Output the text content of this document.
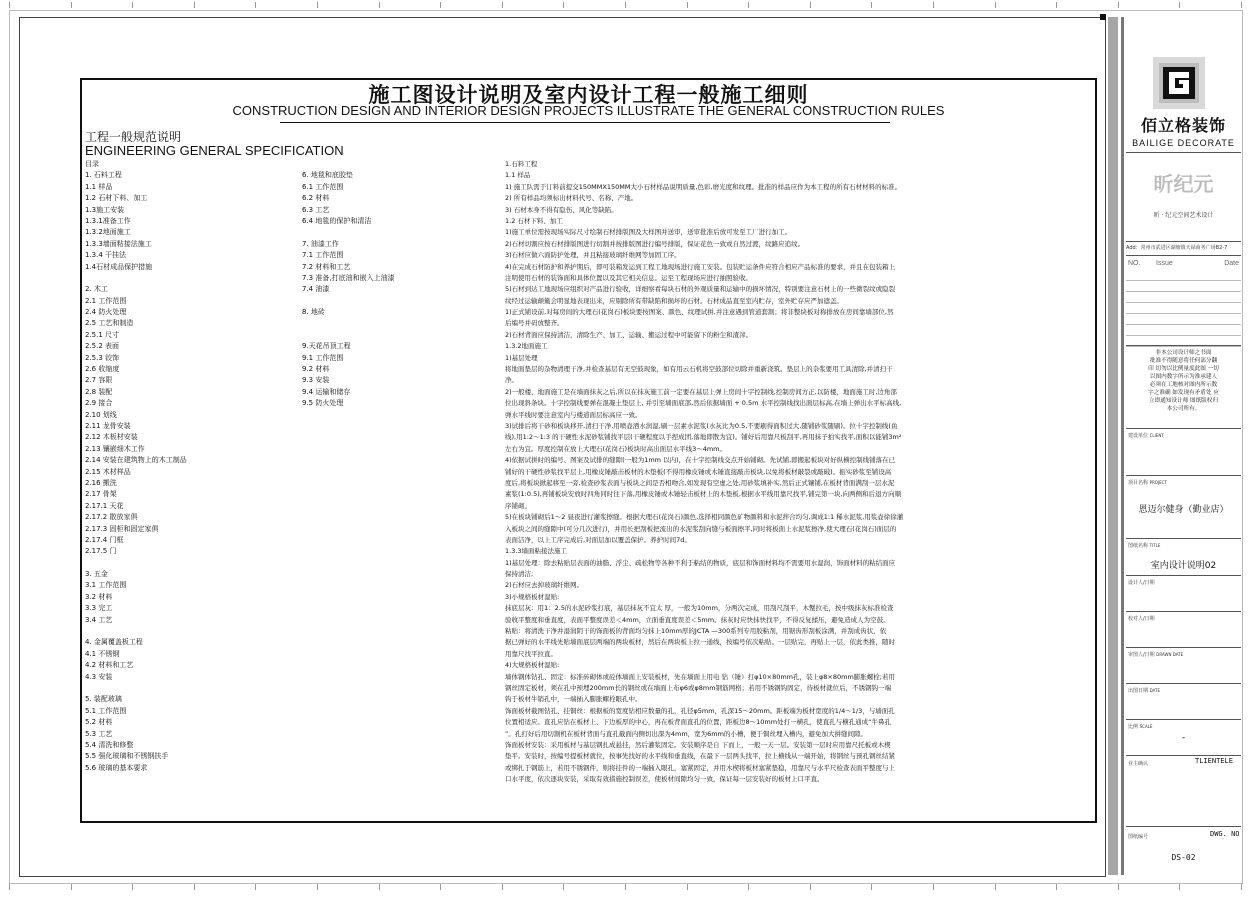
施工图设计说明及室内设计工程一般施工细则
CONSTRUCTION DESIGN AND INTERIOR DESIGN PROJECTS ILLUSTRATE THE GENERAL CONSTRUCTION RULES
工程一般规范说明
ENGINEERING GENERAL SPECIFICATION
目录
1. 石料工程
1.1 样品
1.2 石材下料、加工
1.3施工安装
1.3.1准备工作
1.3.2地面施工
1.3.3墙面粘接法施工
1.3.4 干挂法
1.4石材成品保护措施
2. 木工
2.1 工作范围
2.4 防火处理
2.5 工艺和制造
2.5.1 尺寸
2.5.2 表面
2.5.3 铰饰
2.6 收缩度
2.7 容限
2.8 装配
2.9 接合
2.10 划线
2.11 龙骨安装
2.12 木板材安装
2.13 镶嵌细木工作
2.14 安装在建筑物上的木工制品
2.15 木材样品
2.16 搬洗
2.17 骨架
2.17.1 天花
2.17.2 散放家俱
2.17.3 固柜和固定家俱
2.17.4 门框
2.17.5 门
3. 五金
3.1 工作范围
3.2 材料
3.3 完工
3.4 工艺
4. 金属覆盖板工程
4.1 不锈钢
4.2 材料和工艺
4.3 安装
5. 装配玻璃
5.1 工作范围
5.2 材料
5.3 工艺
5.4 清洗和修整
5.5 强化玻璃和不锈钢扶手
5.6 玻璃的基本要求
6. 地毯和底胶垫
6.1 工作范围
6.2 材料
6.3 工艺
6.4 地毯的保护和清洁
7. 油漆工作
7.1 工作范围
7.2 材料和工艺
7.3 准备,打底油和嵌入上油漆
7.4 油漆
8. 地砖
9.天花吊顶工程
9.1 工作范围
9.2 材料
9.3 安装
9.4 运输和储存
9.5 防火处理
1.石料工程
1.1 样品
1) 施工队需于订料前提交150MMX150MM大小石材样品说明质量,色彩,磨光度和纹理。批准的样品应作为本工程的所有石材材料的标准。
2) 所有样品均须标出材料代号、名称、产地。
3) 石材本身不得有隐伤、风化等缺陷。
1.2 石材下料、加工
1)施工单位需按现场实际尺寸绘制石材排版图及大样图并送审，送审批准后放可发至工厂进行加工。
2)石材切割应按石材排版图进行切割并按排版图进行编号排版，保证花色一致或自然过渡，纹路应追纹。
3)石材应做六面防护处理，并且粘接玻璃纤维网等加固工序。
4)在完成石材防护和养护期后，即可装箱发运到工程工地现场进行施工安装。包装贮运条件应符合相应产品标准的要求，并且在包装箱上
注明使用石材的装饰面和具体位置以及其它相关信息。运至工程现场应进行抽照验收。
5)石材到达工地现场应组织对产品进行验收，详细察看每块石材的外观质量和运输中的损坏情况，特别要注意石材上的一些微裂纹或隐裂
纹经过运输颠簸会明显地表现出来，应剔除所有带缺陷和损坏的石材。石材成品直至室内贮存，室外贮存应严加遮盖。
1)正式铺设前,对每房间的大理石(花岗石)板块要按图案、颜色、纹理试拼,并注意遇到管道套割；将非整块板对称排放在房间靠墙部位,然
后编号并码放整齐。
2)石材背面应保持清洁，清除生产、加工、运输、搬运过程中可能留下的粉尘和渣滓。
1.3.2地面施工
1)基层处理
将地面垫层的杂物清理干净,并检查基层有无空鼓现象，如有用云石机将空鼓部位切除并重新浇筑。垫层上的杂浆要用工具清除,并清扫干
净。
2)一般楼，地面施工是在墙面抹灰之后,所以在抹灰施工前一定要在基层上弹上房间十字控制线,控制房间方正,以防楼，地面施工时,边角部
位出现斜条块。十字控制线要弹在混凝土垫层上, 并引至墙面底部,然后依据墙面 + 0.5m 水平控制线找出面层标高,在墙上弹出水平标高线,
弹水平线时要注意室内与楼道面层标高应一致。
3)试排后将干砂和板块移开,清扫干净,用喷壶洒水润湿,刷一层素水泥浆(水灰比为0.5,不要刷得面积过大,随铺砂浆随刷)。拉十字控制线(鱼
线),用1:2～1:3 的干硬性水泥砂浆铺找平层(干硬程度以手捏成团,落地即散为宜)。铺好后用靠尺板刮平,再用抹子拍实找平,面积以能铺3m²
左右为宜。厚度控制在放上大理石(花岗石)板块时高出面层水平线3～4mm。
4)依据试拼时的编号、图案及试排的缝隙(一般为1mm 以内)，在十字控制线交点开始铺砌。先试铺,即搬起板块对好纵横控制线铺落在已
铺好的干硬性砂浆找平层上,用橡皮锤敲击板材的木垫板(不得用橡皮锤或木锤直接敲击板块,以免将板材敲裂或敲破)。振实砂浆至铺设高
度后,将板块掀起移至一旁,检查砂浆表面与板块之间是否相吻合,如发现有空虚之处,用砂浆填补实,然后正式镶铺,在板材背面满刮一层水泥
素浆(1:0.5),再铺板块安放时四角同时往下落,用橡皮锤或木锤轻击板材上的木垫板,根据水平线用靠尺找平,铺完第一块,向两侧和后退方向顺
序铺砌。
5)在板块铺砌后1～2 昼夜进行灌浆擦缝。根据大理石(花岗石)颜色,选择相同颜色矿物颜料和水泥拌合均匀,调成1:1 稀水泥浆,用浆壶徐徐灌
入板块之间的缝隙中(可分几次进行)，并用长把刮板把流出的水泥浆刮向缝与板面擦平,同时将板面上水泥浆擦净,使大理石(花岗石)面层的
表面洁净，以上工序完成后,对面层加以覆盖保护。养护时间7d。
1.3.3墙面粘接法施工
1)基层处理：除去粘贴层表面的油脂、浮尘、疏松物等各种不利于粘结的物质，底层和饰面材料均不需要用水湿润，饰面材料的粘结面应
保持清洁;
2)石材应去掉玻璃纤维网。
3)小规格板材湿贴:
抹底层灰：用1：2.5的水泥砂浆打底，基层抹灰不宜太 厚，一般为10mm，分两次完成，用刮尺刮平，木蟹拉毛，按中级抹灰标准检查
验收平整度和垂直度，表面平整度误差＜4mm，立面垂直度误差＜5mm。抹灰时应快抹快找平，不得反复揉压，避免造成人为空鼓。
粘贴：将清洗干净并湿润阴干的饰面板的背面均匀抹上10mm厚的JCTA —300系列专用胶粘剂，用锯齿形刮板涂满，并刮成齿状，依
据已弹好的水平线先贴墙面底层两端的两块板材，然后在两块板上拉一通线，按编号依次粘贴。一层贴完，再贴上一层，依此类推，随时
用靠尺找平拉直。
4)大规格板材湿贴:
墙体钢体钻孔、固定：标准砖砌体或砼体墙面上安装板材，先在墙面上用电 钻（锤）打φ10×80mm孔，装上φ8×80mm膨胀螺栓;若用
钢丝固定板材，须在孔中预埋200mm长的钢丝或在墙面上布φ6或φ8mm钢筋网格；若用不锈钢钩固定，待板材就位后，不锈钢钩一端
钩于板材牛销孔中，一端插入膨胀螺栓眼孔中。
饰面板材截图钻孔、挂铜丝：根据板的宽度钻相应数量的孔，孔径φ5mm，孔深15～20mm。距板端为板材宽度的1/4～1/3，与墙面孔
位置相适应。直孔应钻在板材上、下边板厚的中心，再在板背面直孔的位置，距板边8～10mm处打一横孔，使直孔与横孔通成“牛鼻孔
”。孔打好后用切割机在板材背面与直孔截面内侧切出深为4mm，宽为6mm的小槽，便于铜丝埋入槽内，避免加大拼缝间隙。
饰面板材安装：采用板材与基层钢扎成悬挂，然后灌浆固定。安装顺序是自 下而上，一般一天一层。安装第一层时应用靠尺托板或木楔
垫平。安装时，按编号提板材就位，按事先找好的水平线和垂直线，在最下一层两头找平，拉上横线从一端开始，将钢丝与预孔钢丝结紧
或绑扎于钢筋上，若用不锈钢件，则将挂件的一端插入眼孔，塞紧固定，并用木楔将板材塞紧垫稳，用靠尺与水平尺检查表面平整度与上
口水平度，依次逐块安装，采取有效措施控制误差，使板材间隙均匀一致，保证每一层安装好的板材上口平直。
佰立格装饰
BAILIGE DECORATE
昕纪元
昕 · 纪元空间艺术设计
Add：常州市武进区湖塘镇天禄商务广场B2-7
NO. Issue	Date
非本公司设计师之书面
批准不得随意将任何部分翻
印 切勿以比例量度此图 一切
以图内数字所示为准承建人
必须在工地核对图内所示数
字之准确 如发现有矛盾处 应
立即通知设计师 图纸版权归
本公司所有。
建设单位 CLIENT
项目名称 PROJECT
恩迈尔健身（勤业店）
图纸名称 TITLE
室内设计说明02
设计人/日期
校对人/日期
审图人/日期 DRAWN DATE
出图日期 DATE
比例 SCALE
-
业主确认	TLIENTELE
图纸编号	DWG. NO
DS-02
